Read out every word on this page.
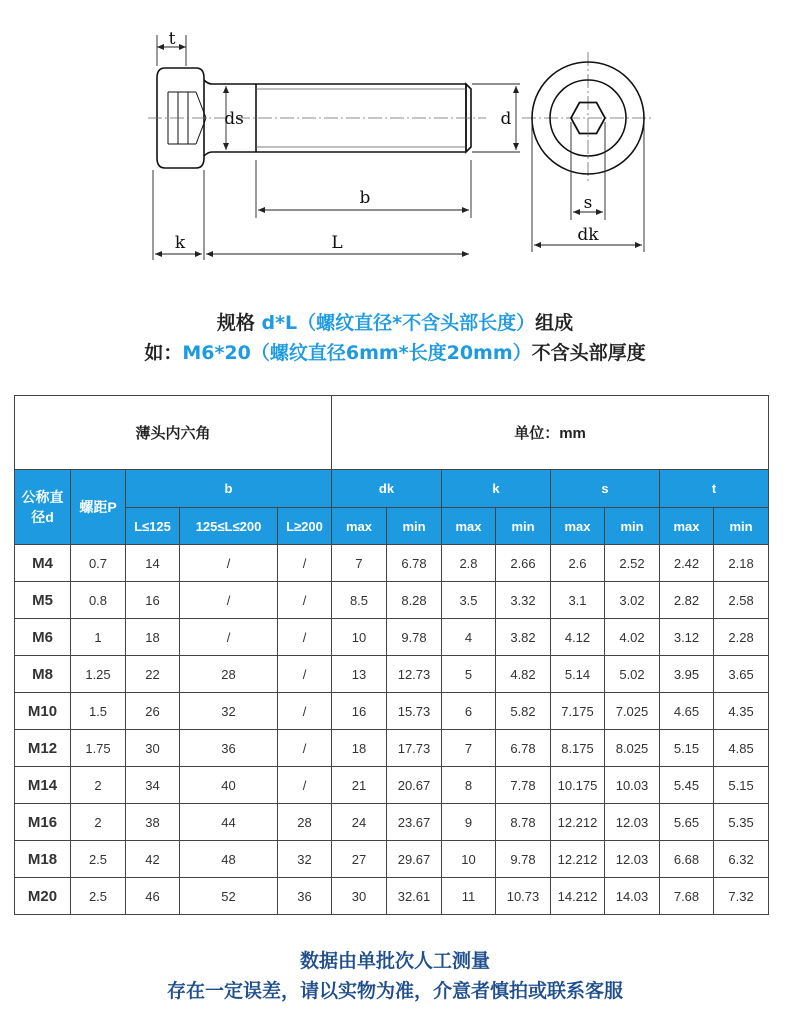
t
ds	d
b
k	L
s
dk
规格 d*L（螺纹直径*不含头部长度）组成
如：M6*20（螺纹直径6mm*长度20mm）不含头部厚度
薄头内六角					单位：mm							
公称直径d	螺距P	b			dk		k		s		t	
		L≤125	125≤L≤200	L≥200	max	min	max	min	max	min	max	min
M4	0.7	14	/	/	7	6.78	2.8	2.66	2.6	2.52	2.42	2.18
M5	0.8	16	/	/	8.5	8.28	3.5	3.32	3.1	3.02	2.82	2.58
M6	1	18	/	/	10	9.78	4	3.82	4.12	4.02	3.12	2.28
M8	1.25	22	28	/	13	12.73	5	4.82	5.14	5.02	3.95	3.65
M10	1.5	26	32	/	16	15.73	6	5.82	7.175	7.025	4.65	4.35
M12	1.75	30	36	/	18	17.73	7	6.78	8.175	8.025	5.15	4.85
M14	2	34	40	/	21	20.67	8	7.78	10.175	10.03	5.45	5.15
M16	2	38	44	28	24	23.67	9	8.78	12.212	12.03	5.65	5.35
M18	2.5	42	48	32	27	29.67	10	9.78	12.212	12.03	6.68	6.32
M20	2.5	46	52	36	30	32.61	11	10.73	14.212	14.03	7.68	7.32
数据由单批次人工测量
存在一定误差，请以实物为准，介意者慎拍或联系客服
